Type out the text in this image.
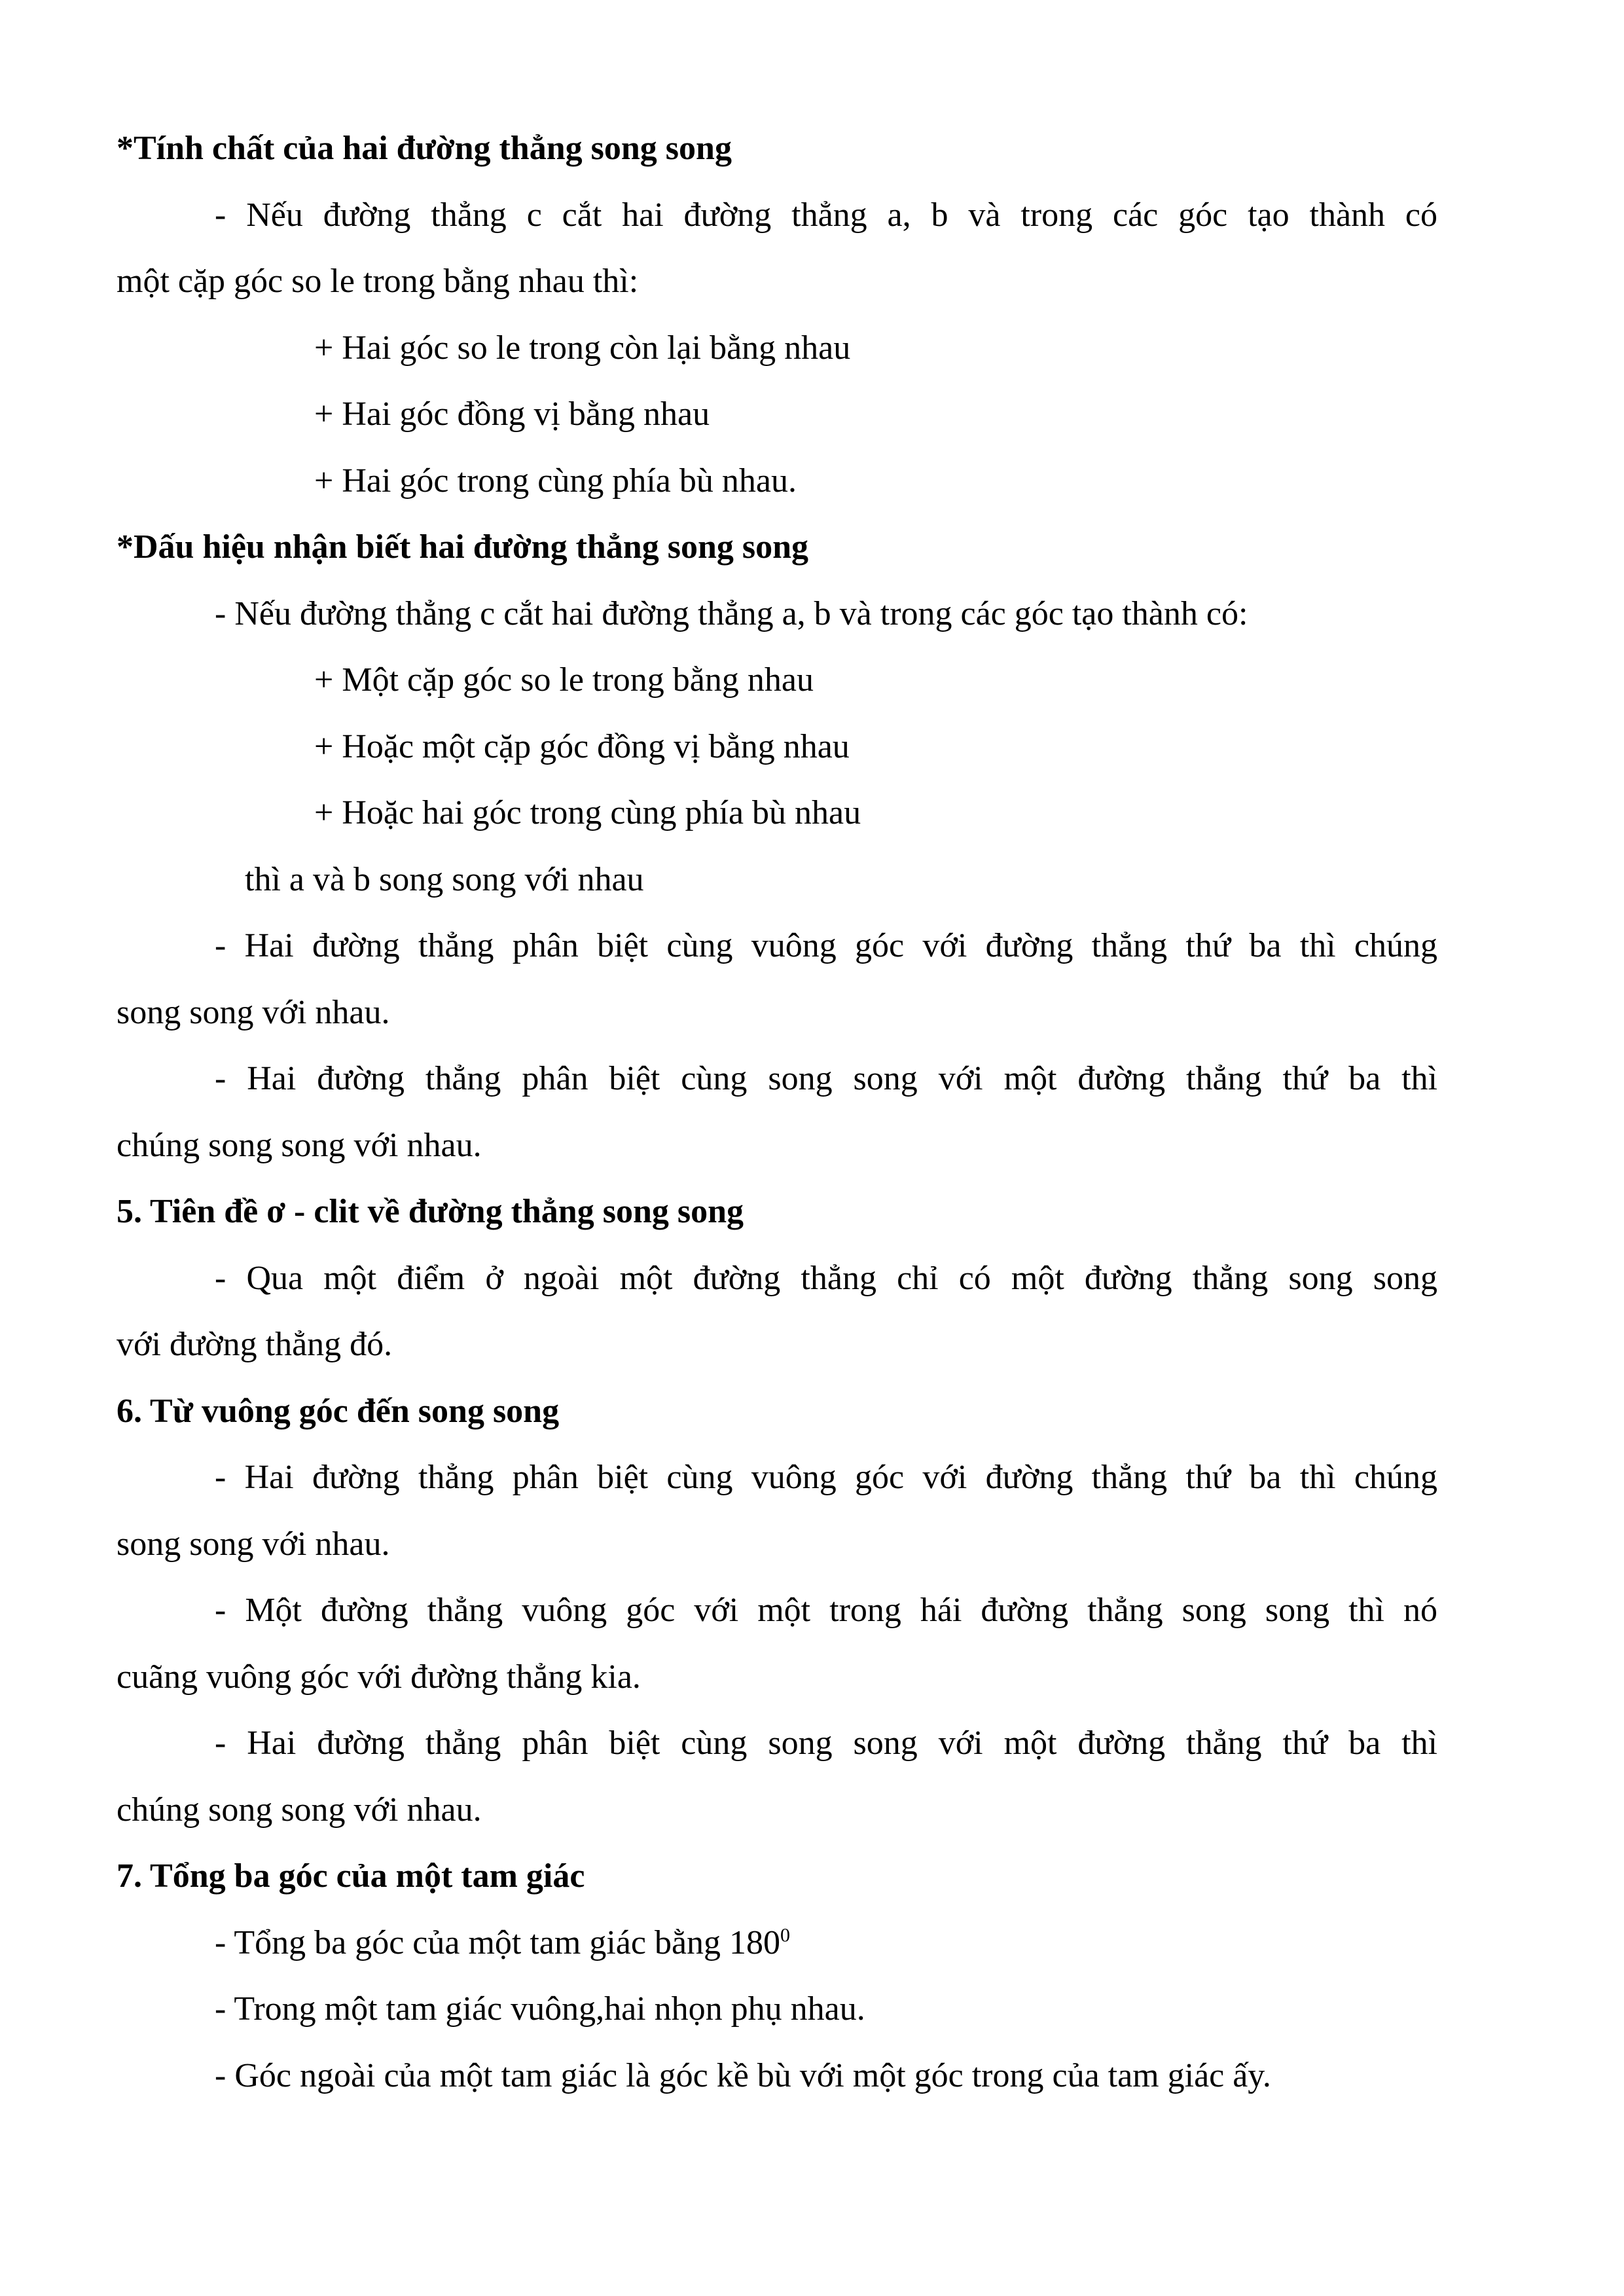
*Tính chất của hai đường thẳng song song
- Nếu đường thẳng c cắt hai đường thẳng a, b và trong các góc tạo thành có
một cặp góc so le trong bằng nhau thì:
+ Hai góc so le trong còn lại bằng nhau
+ Hai góc đồng vị bằng nhau
+ Hai góc trong cùng phía bù nhau.
*Dấu hiệu nhận biết hai đường thẳng song song
- Nếu đường thẳng c cắt hai đường thẳng a, b và trong các góc tạo thành có:
+ Một cặp góc so le trong bằng nhau
+ Hoặc một cặp góc đồng vị bằng nhau
+ Hoặc hai góc trong cùng phía bù nhau
thì a và b song song với nhau
- Hai đường thẳng phân biệt cùng vuông góc với đường thẳng thứ ba thì chúng
song song với nhau.
- Hai đường thẳng phân biệt cùng song song với một đường thẳng thứ ba thì
chúng song song với nhau.
5. Tiên đề ơ - clit về đường thẳng song song
- Qua một điểm ở ngoài một đường thẳng chỉ có một đường thẳng song song
với đường thẳng đó.
6. Từ vuông góc đến song song
- Hai đường thẳng phân biệt cùng vuông góc với đường thẳng thứ ba thì chúng
song song với nhau.
- Một đường thẳng vuông góc với một trong hái đường thẳng song song thì nó
cuãng vuông góc với đường thẳng kia.
- Hai đường thẳng phân biệt cùng song song với một đường thẳng thứ ba thì
chúng song song với nhau.
7. Tổng ba góc của một tam giác
- Tổng ba góc của một tam giác bằng $180^0$
- Trong một tam giác vuông,hai nhọn phụ nhau.
- Góc ngoài của một tam giác là góc kề bù với một góc trong của tam giác ấy.
